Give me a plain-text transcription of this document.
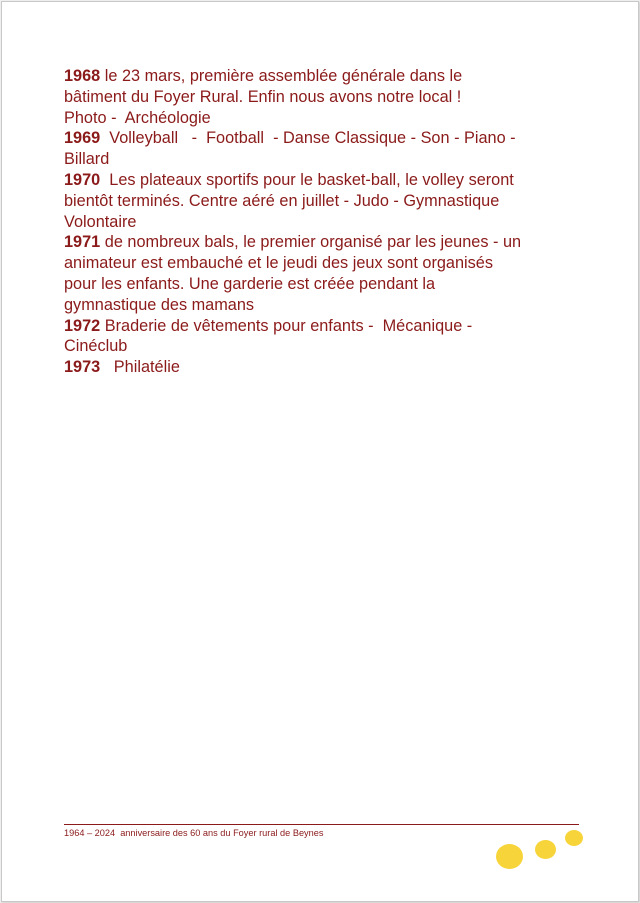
1968 le 23 mars, première assemblée générale dans le
bâtiment du Foyer Rural. Enfin nous avons notre local !
Photo -  Archéologie
1969  Volleyball   -  Football  - Danse Classique - Son - Piano -
Billard
1970  Les plateaux sportifs pour le basket-ball, le volley seront
bientôt terminés. Centre aéré en juillet - Judo - Gymnastique
Volontaire
1971 de nombreux bals, le premier organisé par les jeunes - un
animateur est embauché et le jeudi des jeux sont organisés
pour les enfants. Une garderie est créée pendant la
gymnastique des mamans
1972 Braderie de vêtements pour enfants -  Mécanique -
Cinéclub
1973   Philatélie
1964 – 2024  anniversaire des 60 ans du Foyer rural de Beynes
